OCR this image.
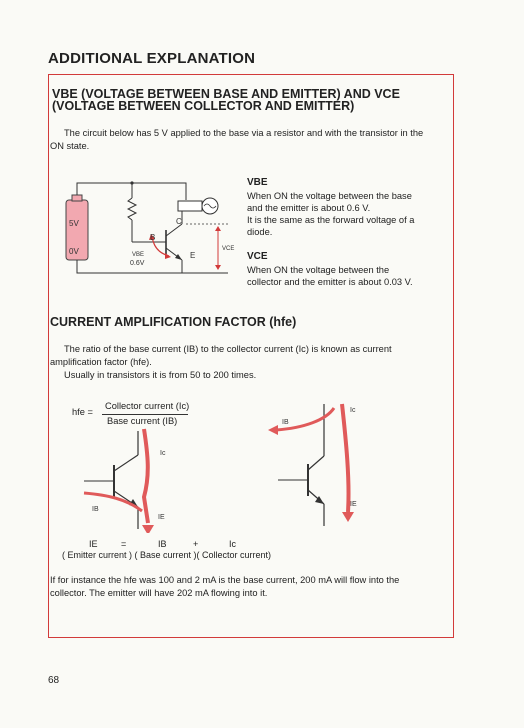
ADDITIONAL EXPLANATION
VBE (VOLTAGE BETWEEN BASE AND EMITTER) AND VCE
(VOLTAGE BETWEEN COLLECTOR AND EMITTER)
The circuit below has 5 V applied to the base via a resistor and with the transistor in the
ON state.
5V
0V
B
C
E
VBE
0.6V
VCE
VBE
When ON the voltage between the base
and the emitter is about 0.6 V.
It is the same as the forward voltage of a
diode.
VCE
When ON the voltage between the
collector and the emitter is about 0.03 V.
CURRENT AMPLIFICATION FACTOR (hfe)
The ratio of the base current (IB) to the collector current (Ic) is known as current
amplification factor (hfe).
Usually in transistors it is from 50 to 200 times.
hfe =
Collector current (Ic)
Base current (IB)
Ic
IB
IE
IB
Ic
IE
IE	=	IB	+	Ic
( Emitter current ) ( Base current )( Collector current)
If for instance the hfe was 100 and 2 mA is the base current, 200 mA will flow into the
collector. The emitter will have 202 mA flowing into it.
68
